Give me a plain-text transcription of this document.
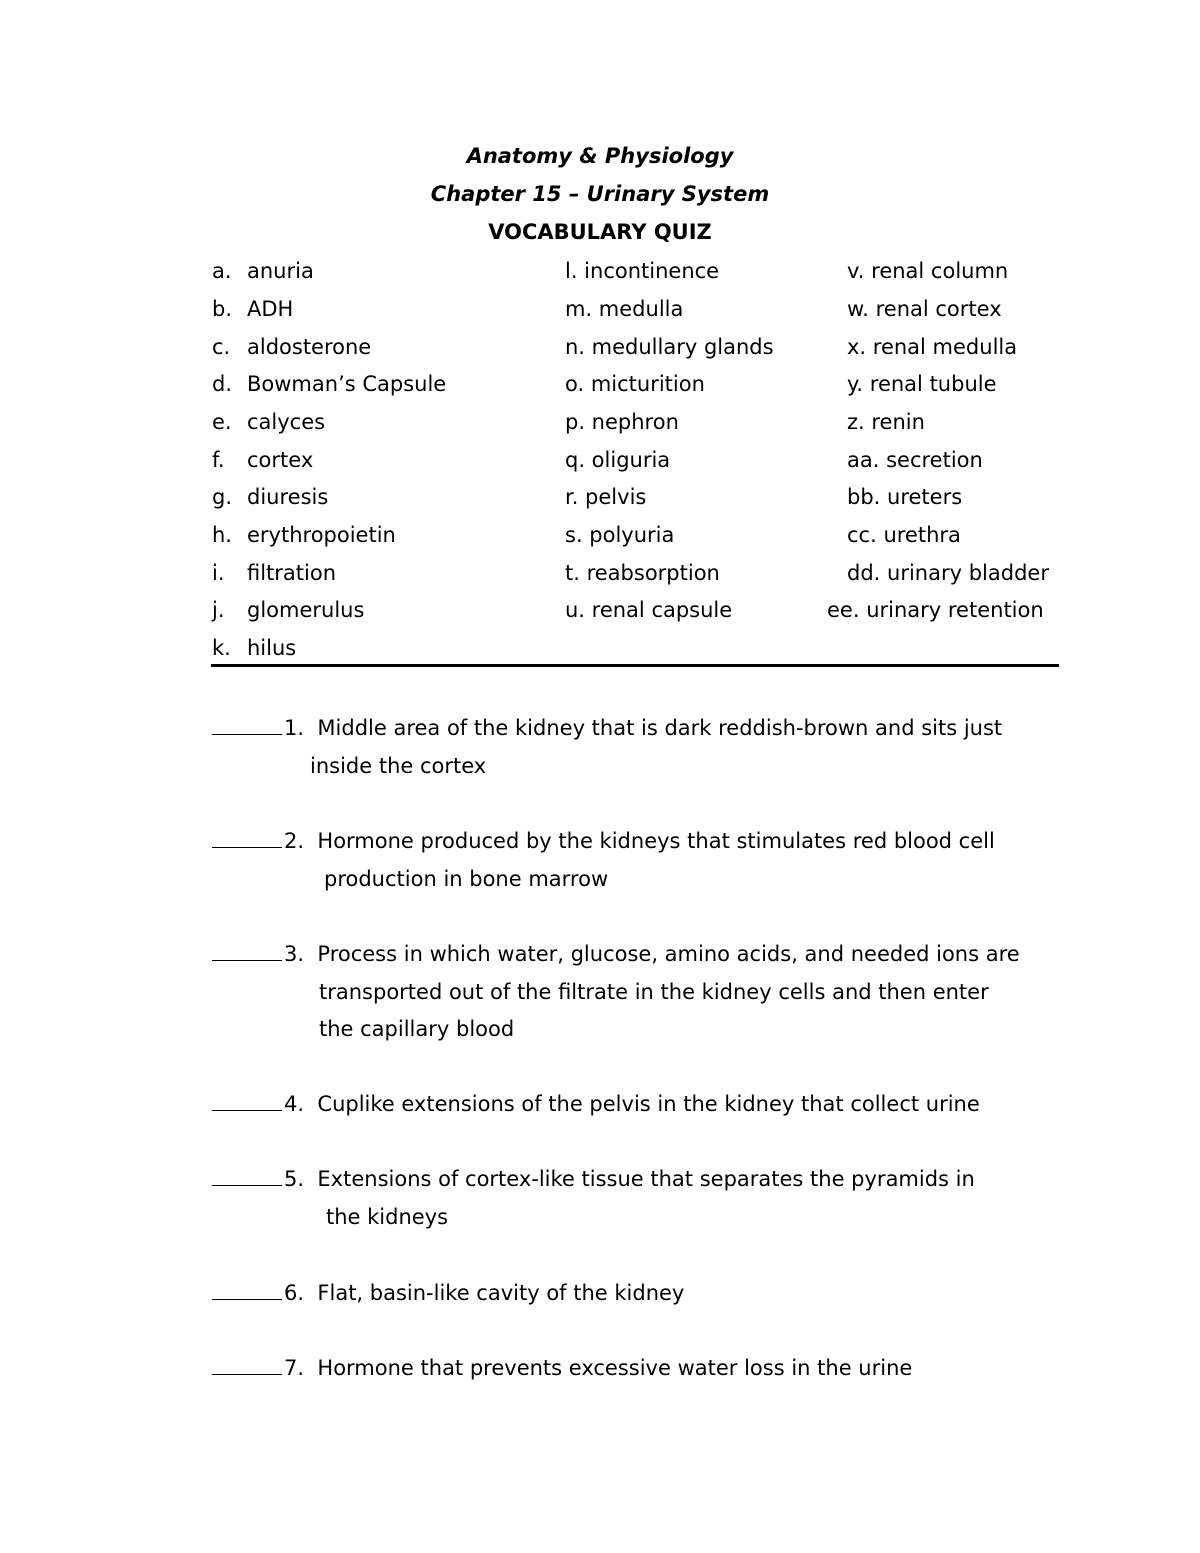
Anatomy & Physiology
Chapter 15 – Urinary System
VOCABULARY QUIZ
a. anuria
b. ADH
c. aldosterone
d. Bowman’s Capsule
e. calyces
f. cortex
g. diuresis
h. erythropoietin
i. filtration
j. glomerulus
k. hilus
l. incontinence
m. medulla
n. medullary glands
o. micturition
p. nephron
q. oliguria
r. pelvis
s. polyuria
t. reabsorption
u. renal capsule
v. renal column
w. renal cortex
x. renal medulla
y. renal tubule
z. renin
aa. secretion
bb. ureters
cc. urethra
dd. urinary bladder
ee. urinary retention
1. Middle area of the kidney that is dark reddish-brown and sits just
inside the cortex
2. Hormone produced by the kidneys that stimulates red blood cell
production in bone marrow
3. Process in which water, glucose, amino acids, and needed ions are
transported out of the filtrate in the kidney cells and then enter
the capillary blood
4. Cuplike extensions of the pelvis in the kidney that collect urine
5. Extensions of cortex-like tissue that separates the pyramids in
the kidneys
6. Flat, basin-like cavity of the kidney
7. Hormone that prevents excessive water loss in the urine
